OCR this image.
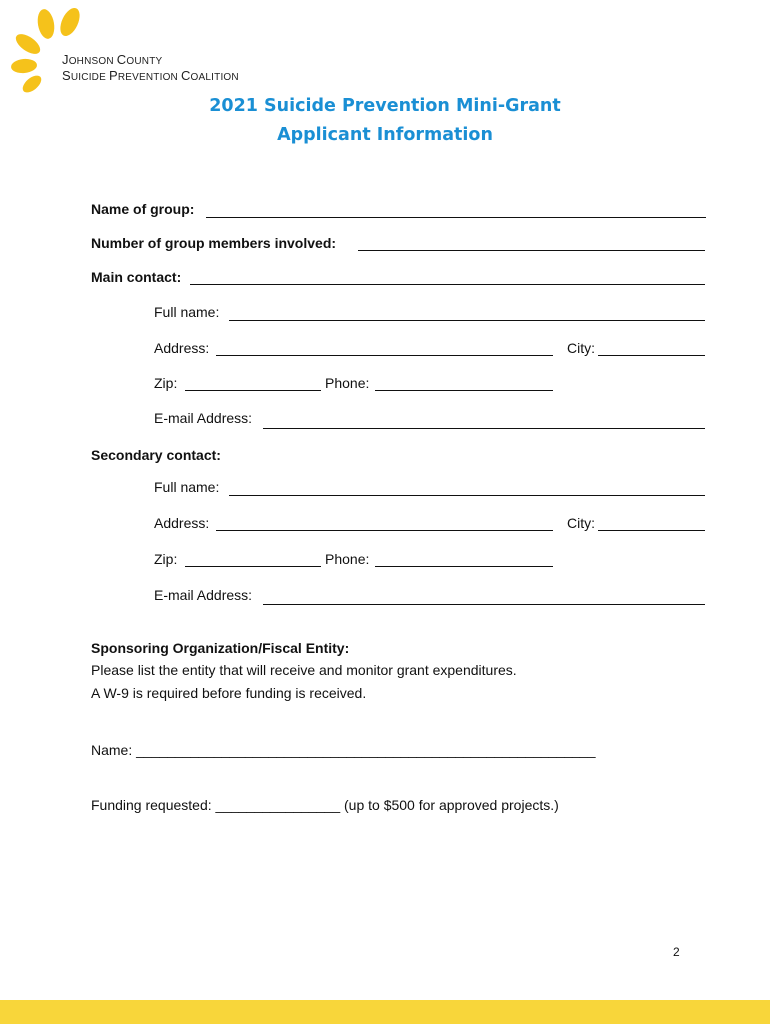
JOHNSON COUNTY
SUICIDE PREVENTION COALITION
2021 Suicide Prevention Mini-Grant
Applicant Information
Name of group:
Number of group members involved:
Main contact:
Full name:
Address:	City:
Zip:	Phone:
E-mail Address:
Secondary contact:
Full name:
Address:	City:
Zip:	Phone:
E-mail Address:
Sponsoring Organization/Fiscal Entity:
Please list the entity that will receive and monitor grant expenditures.
A W-9 is required before funding is received.
Name: ___________________________________________________________
Funding requested: ________________ (up to $500 for approved projects.)
2
